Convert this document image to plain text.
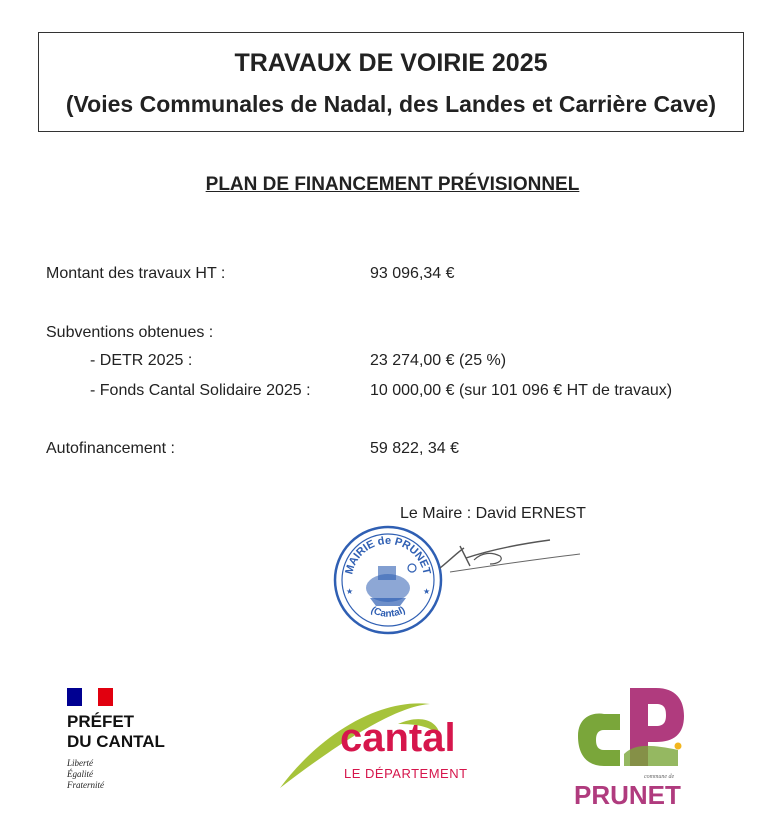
TRAVAUX DE VOIRIE 2025
(Voies Communales de Nadal, des Landes et Carrière Cave)
PLAN DE FINANCEMENT PRÉVISIONNEL
Montant des travaux HT :	93 096,34 €
Subventions obtenues :
- DETR 2025 :	23 274,00 € (25 %)
- Fonds Cantal Solidaire 2025 :	10 000,00 € (sur 101 096 € HT de travaux)
Autofinancement :	59 822, 34 €
Le Maire : David ERNEST
MAIRIE de PRUNET
(Cantal)
★	★
PRÉFET
DU CANTAL
Liberté
Égalité
Fraternité
cantal
LE DÉPARTEMENT	commune de
PRUNET
